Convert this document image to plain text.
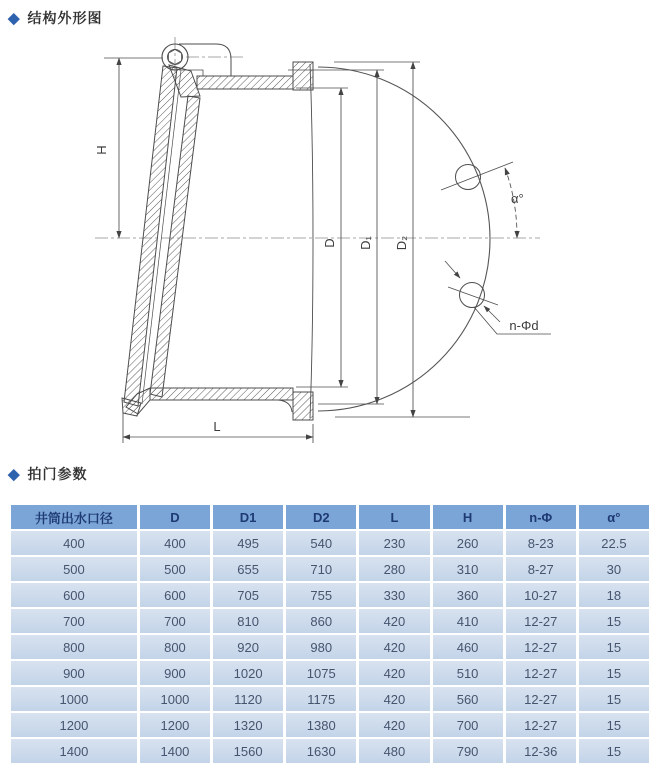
◆ 结构外形图
H
D D₁ D₂
L
α°
n-Φd
◆ 拍门参数
井筒出水口径	D	D1	D2	L	H	n-Φ	α°
400	400	495	540	230	260	8-23	22.5
500	500	655	710	280	310	8-27	30
600	600	705	755	330	360	10-27	18
700	700	810	860	420	410	12-27	15
800	800	920	980	420	460	12-27	15
900	900	1020	1075	420	510	12-27	15
1000	1000	1120	1175	420	560	12-27	15
1200	1200	1320	1380	420	700	12-27	15
1400	1400	1560	1630	480	790	12-36	15
